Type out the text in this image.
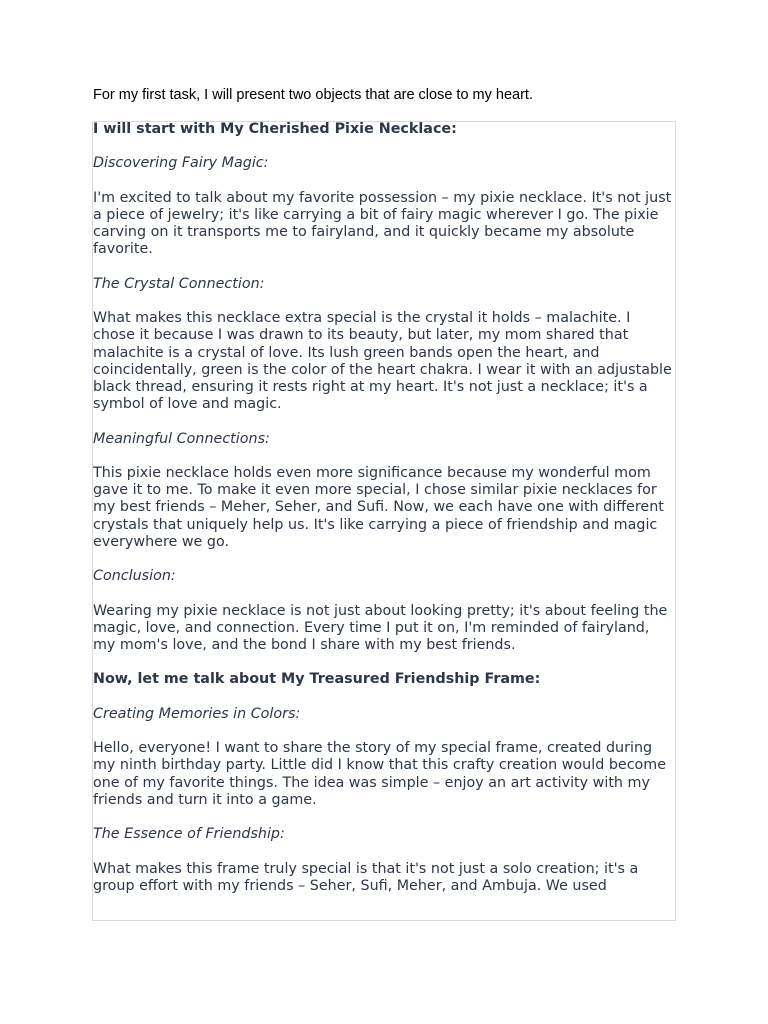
For my first task, I will present two objects that are close to my heart.

I will start with My Cherished Pixie Necklace:

Discovering Fairy Magic:

I'm excited to talk about my favorite possession – my pixie necklace. It's not just a piece of jewelry; it's like carrying a bit of fairy magic wherever I go. The pixie carving on it transports me to fairyland, and it quickly became my absolute favorite.

The Crystal Connection:

What makes this necklace extra special is the crystal it holds – malachite. I chose it because I was drawn to its beauty, but later, my mom shared that malachite is a crystal of love. Its lush green bands open the heart, and coincidentally, green is the color of the heart chakra. I wear it with an adjustable black thread, ensuring it rests right at my heart. It's not just a necklace; it's a symbol of love and magic.

Meaningful Connections:

This pixie necklace holds even more significance because my wonderful mom gave it to me. To make it even more special, I chose similar pixie necklaces for my best friends – Meher, Seher, and Sufi. Now, we each have one with different crystals that uniquely help us. It's like carrying a piece of friendship and magic everywhere we go.

Conclusion:

Wearing my pixie necklace is not just about looking pretty; it's about feeling the magic, love, and connection. Every time I put it on, I'm reminded of fairyland, my mom's love, and the bond I share with my best friends.

Now, let me talk about My Treasured Friendship Frame:

Creating Memories in Colors:

Hello, everyone! I want to share the story of my special frame, created during my ninth birthday party. Little did I know that this crafty creation would become one of my favorite things. The idea was simple – enjoy an art activity with my friends and turn it into a game.

The Essence of Friendship:

What makes this frame truly special is that it's not just a solo creation; it's a group effort with my friends – Seher, Sufi, Meher, and Ambuja. We used
